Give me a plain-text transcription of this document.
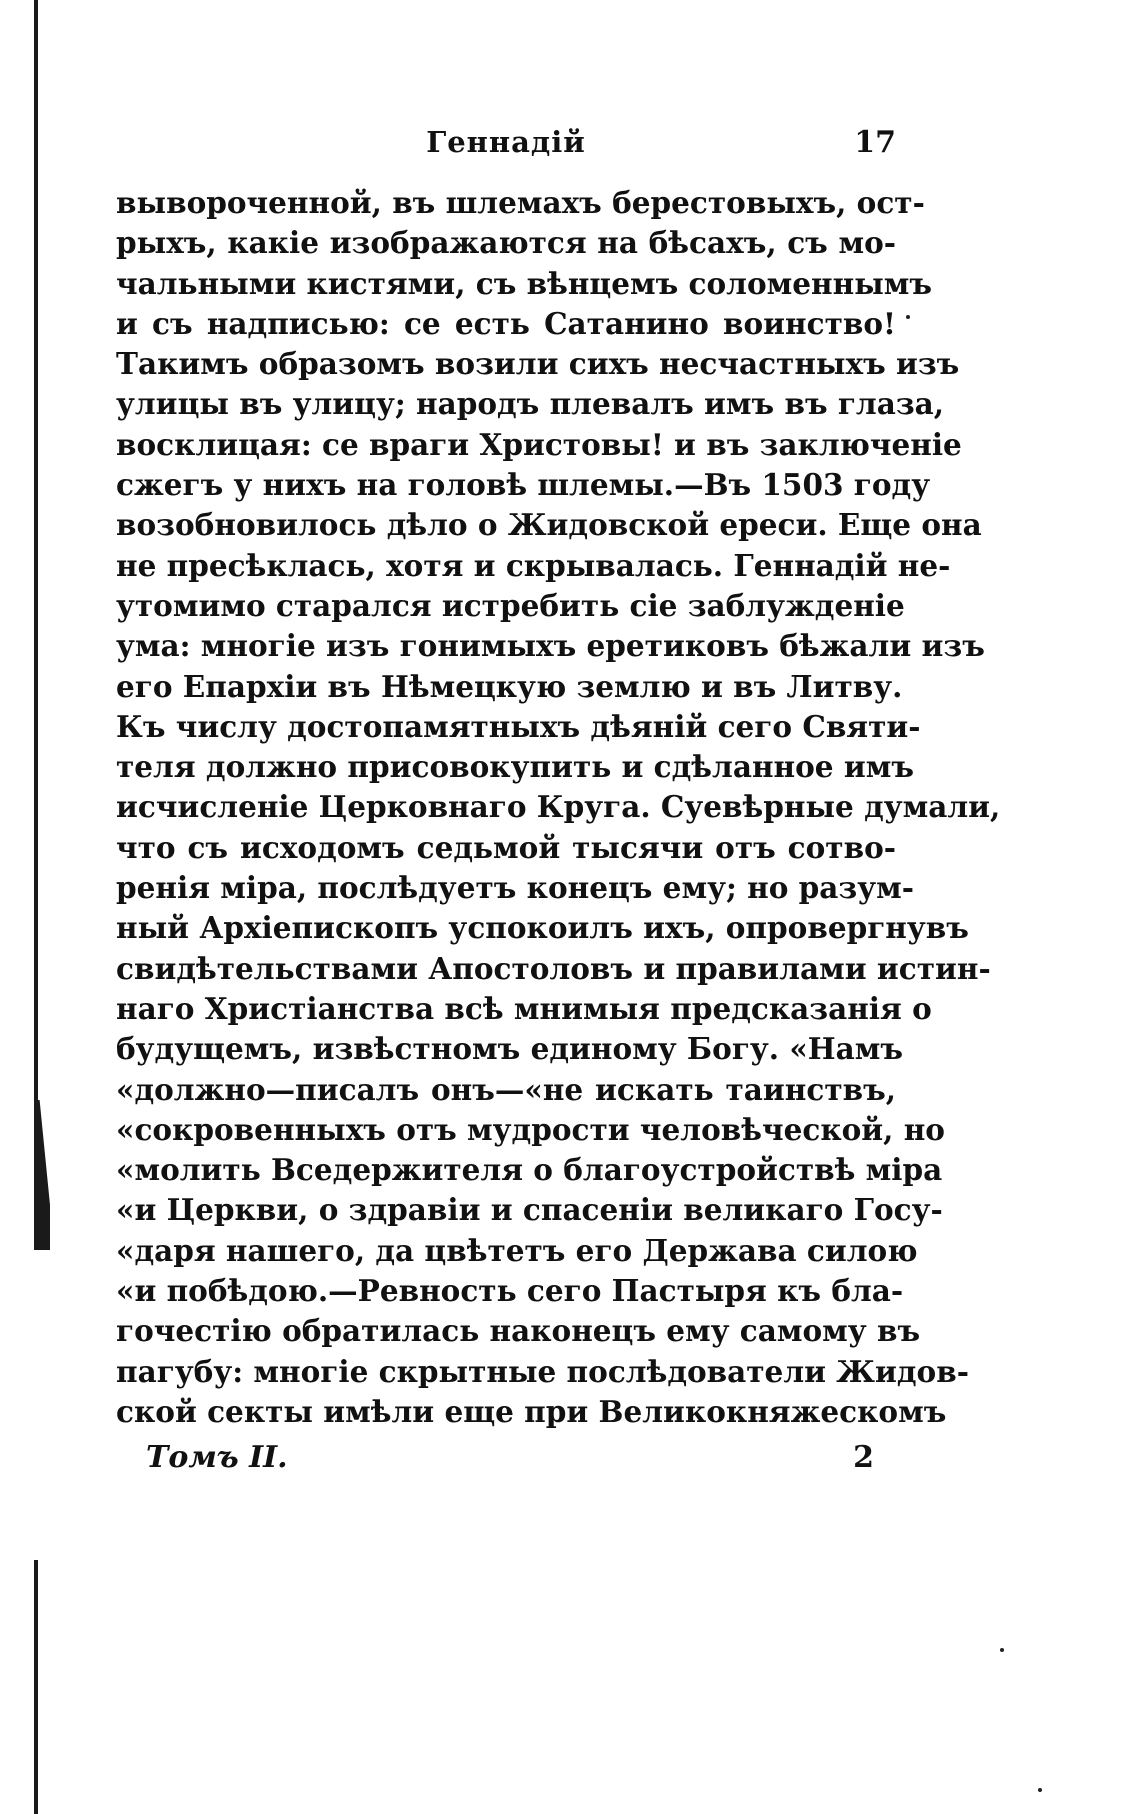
Геннадій	17
вывороченной, въ шлемахъ берестовыхъ, ост-
рыхъ, какіе изображаются на бѣсахъ, съ мо-
чальными кистями, съ вѣнцемъ соломеннымъ
и съ надписью: се есть Сатанино воинство!
Такимъ образомъ возили сихъ несчастныхъ изъ
улицы въ улицу; народъ плевалъ имъ въ глаза,
восклицая: се враги Христовы! и въ заключеніе
сжегъ у нихъ на головѣ шлемы.—Въ 1503 году
возобновилось дѣло о Жидовской ереси. Еще она
не пресѣклась, хотя и скрывалась. Геннадій не-
утомимо старался истребить сіе заблужденіе
ума: многіе изъ гонимыхъ еретиковъ бѣжали изъ
его Епархіи въ Нѣмецкую землю и въ Литву.
Къ числу достопамятныхъ дѣяній сего Святи-
теля должно присовокупить и сдѣланное имъ
исчисленіе Церковнаго Круга. Суевѣрные думали,
что съ исходомъ седьмой тысячи отъ сотво-
ренія міра, послѣдуетъ конецъ ему; но разум-
ный Архіепископъ успокоилъ ихъ, опровергнувъ
свидѣтельствами Апостоловъ и правилами истин-
наго Христіанства всѣ мнимыя предсказанія о
будущемъ, извѣстномъ единому Богу. «Намъ
«должно—писалъ онъ—«не искать таинствъ,
«сокровенныхъ отъ мудрости человѣческой, но
«молить Вседержителя о благоустройствѣ міра
«и Церкви, о здравіи и спасеніи великаго Госу-
«даря нашего, да цвѣтетъ его Держава силою
«и побѣдою.—Ревность сего Пастыря къ бла-
гочестію обратилась наконецъ ему самому въ
пагубу: многіе скрытные послѣдователи Жидов-
ской секты имѣли еще при Великокняжескомъ
Томъ II.	2
